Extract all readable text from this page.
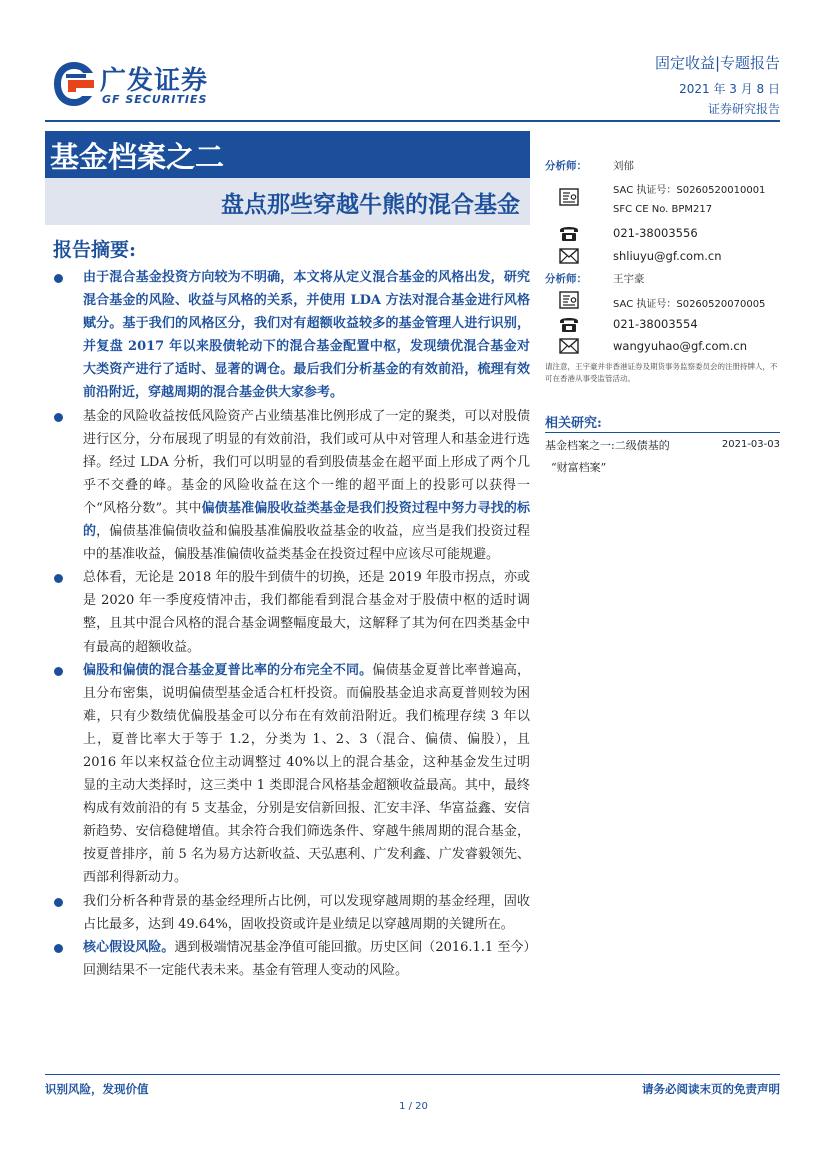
广发证券
GF SECURITIES
固定收益|专题报告
2021 年 3 月 8 日
证券研究报告
基金档案之二
盘点那些穿越牛熊的混合基金
报告摘要:
由于混合基金投资方向较为不明确，本文将从定义混合基金的风格出发，研究混合基金的风险、收益与风格的关系，并使用 LDA 方法对混合基金进行风格赋分。基于我们的风格区分，我们对有超额收益较多的基金管理人进行识别，并复盘 2017 年以来股债轮动下的混合基金配置中枢，发现绩优混合基金对大类资产进行了适时、显著的调仓。最后我们分析基金的有效前沿，梳理有效前沿附近，穿越周期的混合基金供大家参考。
基金的风险收益按低风险资产占业绩基准比例形成了一定的聚类，可以对股债进行区分，分布展现了明显的有效前沿，我们或可从中对管理人和基金进行选择。经过 LDA 分析，我们可以明显的看到股债基金在超平面上形成了两个几乎不交叠的峰。基金的风险收益在这个一维的超平面上的投影可以获得一个“风格分数”。其中偏债基准偏股收益类基金是我们投资过程中努力寻找的标的，偏债基准偏债收益和偏股基准偏股收益基金的收益，应当是我们投资过程中的基准收益，偏股基准偏债收益类基金在投资过程中应该尽可能规避。
总体看，无论是 2018 年的股牛到债牛的切换，还是 2019 年股市拐点，亦或是 2020 年一季度疫情冲击，我们都能看到混合基金对于股债中枢的适时调整，且其中混合风格的混合基金调整幅度最大，这解释了其为何在四类基金中有最高的超额收益。
偏股和偏债的混合基金夏普比率的分布完全不同。偏债基金夏普比率普遍高，且分布密集，说明偏债型基金适合杠杆投资。而偏股基金追求高夏普则较为困难，只有少数绩优偏股基金可以分布在有效前沿附近。我们梳理存续 3 年以上，夏普比率大于等于 1.2，分类为 1、2、3（混合、偏债、偏股），且 2016 年以来权益仓位主动调整过 40%以上的混合基金，这种基金发生过明显的主动大类择时，这三类中 1 类即混合风格基金超额收益最高。其中，最终构成有效前沿的有 5 支基金，分别是安信新回报、汇安丰泽、华富益鑫、安信新趋势、安信稳健增值。其余符合我们筛选条件、穿越牛熊周期的混合基金，按夏普排序，前 5 名为易方达新收益、天弘惠利、广发利鑫、广发睿毅领先、西部利得新动力。
我们分析各种背景的基金经理所占比例，可以发现穿越周期的基金经理，固收占比最多，达到 49.64%，固收投资或许是业绩足以穿越周期的关键所在。
核心假设风险。遇到极端情况基金净值可能回撤。历史区间（2016.1.1 至今）回测结果不一定能代表未来。基金有管理人变动的风险。
分析师： 刘郁
SAC 执证号：S0260520010001
SFC CE No. BPM217
021-38003556
shliuyu@gf.com.cn
分析师： 王宇豪
SAC 执证号：S0260520070005
021-38003554
wangyuhao@gf.com.cn
请注意，王宇豪并非香港证券及期货事务监察委员会的注册持牌人，不可在香港从事受监管活动。
相关研究:
基金档案之一:二级债基的
“财富档案”
2021-03-03
识别风险，发现价值	请务必阅读末页的免责声明
1 / 20
